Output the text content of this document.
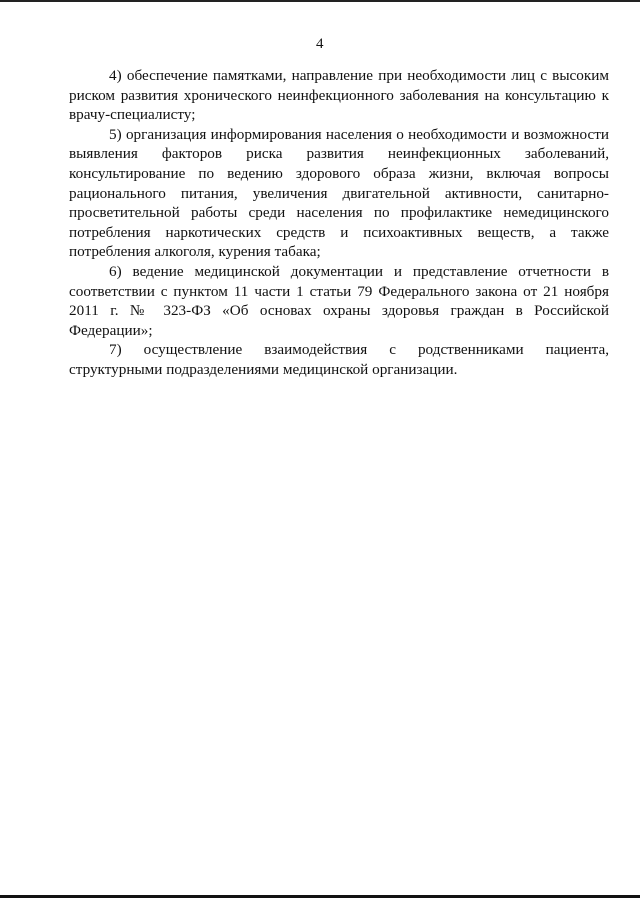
4

4) обеспечение памятками, направление при необходимости лиц с высоким риском развития хронического неинфекционного заболевания на консультацию к врачу-специалисту;

5) организация информирования населения о необходимости и возможности выявления факторов риска развития неинфекционных заболеваний, консультирование по ведению здорового образа жизни, включая вопросы рационального питания, увеличения двигательной активности, санитарно-просветительной работы среди населения по профилактике немедицинского потребления наркотических средств и психоактивных веществ, а также потребления алкоголя, курения табака;

6) ведение медицинской документации и представление отчетности в соответствии с пунктом 11 части 1 статьи 79 Федерального закона от 21 ноября 2011 г. № 323-ФЗ «Об основах охраны здоровья граждан в Российской Федерации»;

7) осуществление взаимодействия с родственниками пациента, структурными подразделениями медицинской организации.
